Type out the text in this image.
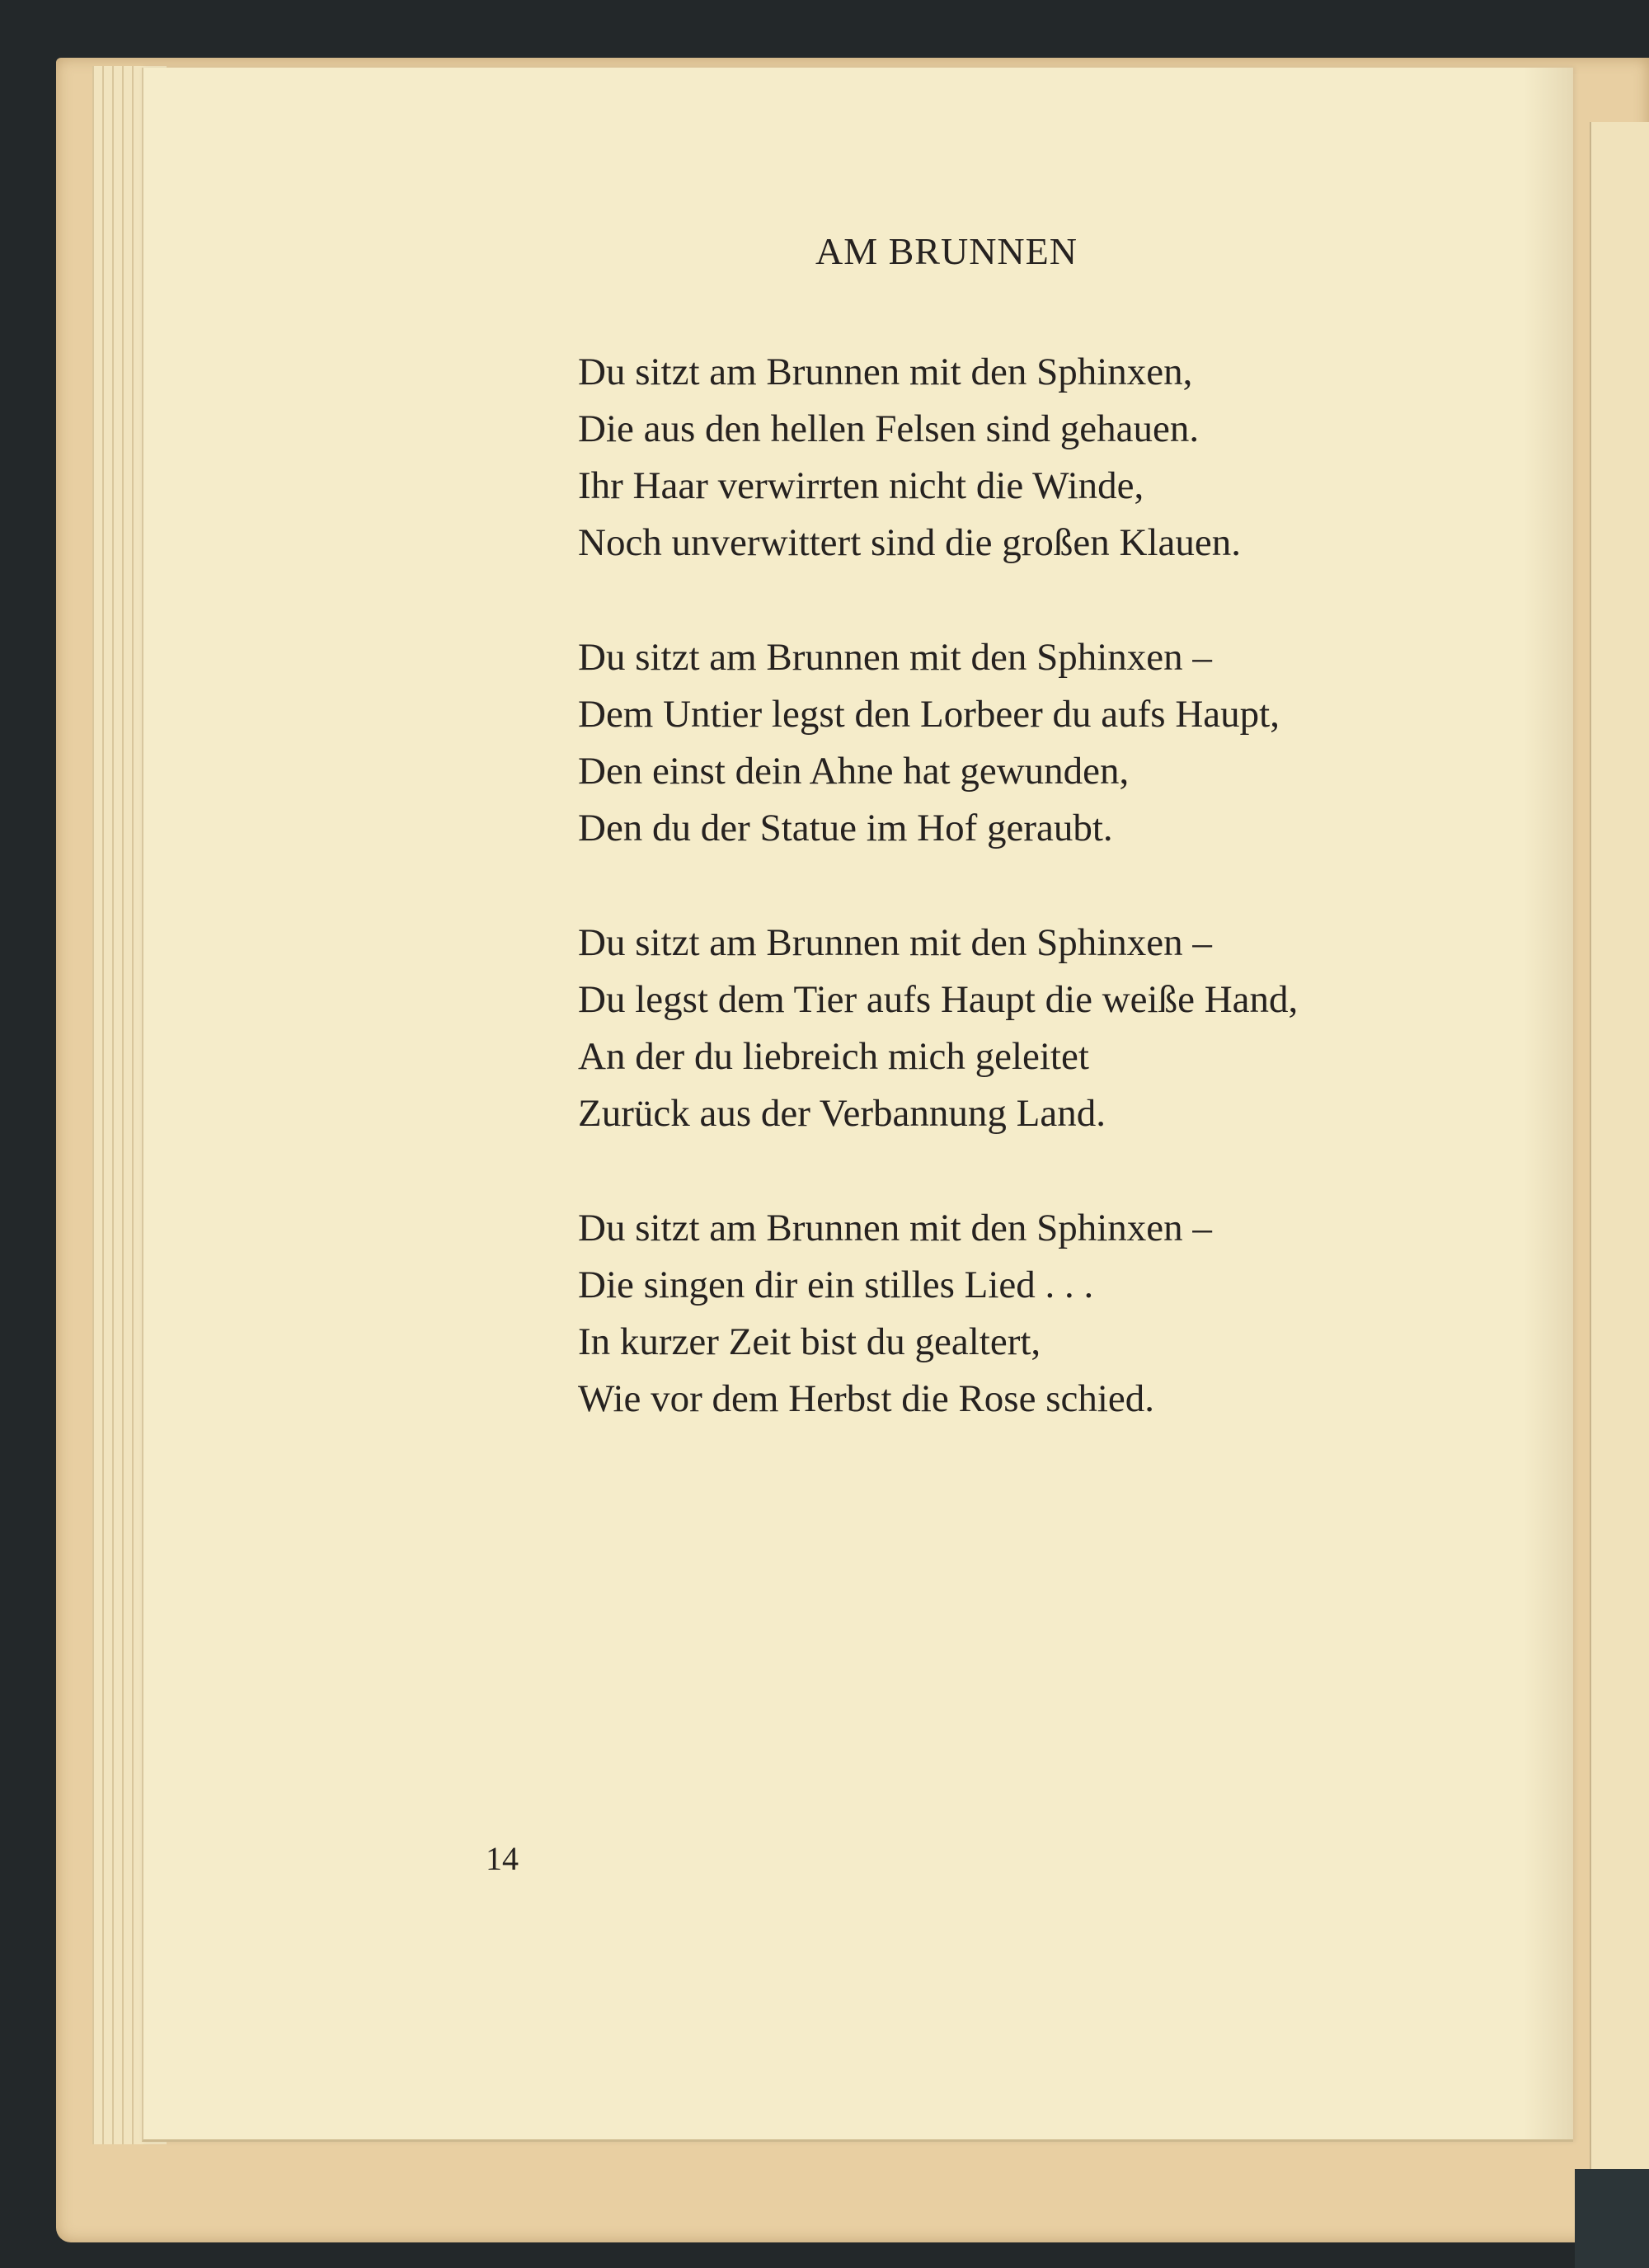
AM BRUNNEN
Du sitzt am Brunnen mit den Sphinxen,
Die aus den hellen Felsen sind gehauen.
Ihr Haar verwirrten nicht die Winde,
Noch unverwittert sind die großen Klauen.
Du sitzt am Brunnen mit den Sphinxen –
Dem Untier legst den Lorbeer du aufs Haupt,
Den einst dein Ahne hat gewunden,
Den du der Statue im Hof geraubt.
Du sitzt am Brunnen mit den Sphinxen –
Du legst dem Tier aufs Haupt die weiße Hand,
An der du liebreich mich geleitet
Zurück aus der Verbannung Land.
Du sitzt am Brunnen mit den Sphinxen –
Die singen dir ein stilles Lied . . .
In kurzer Zeit bist du gealtert,
Wie vor dem Herbst die Rose schied.
14
